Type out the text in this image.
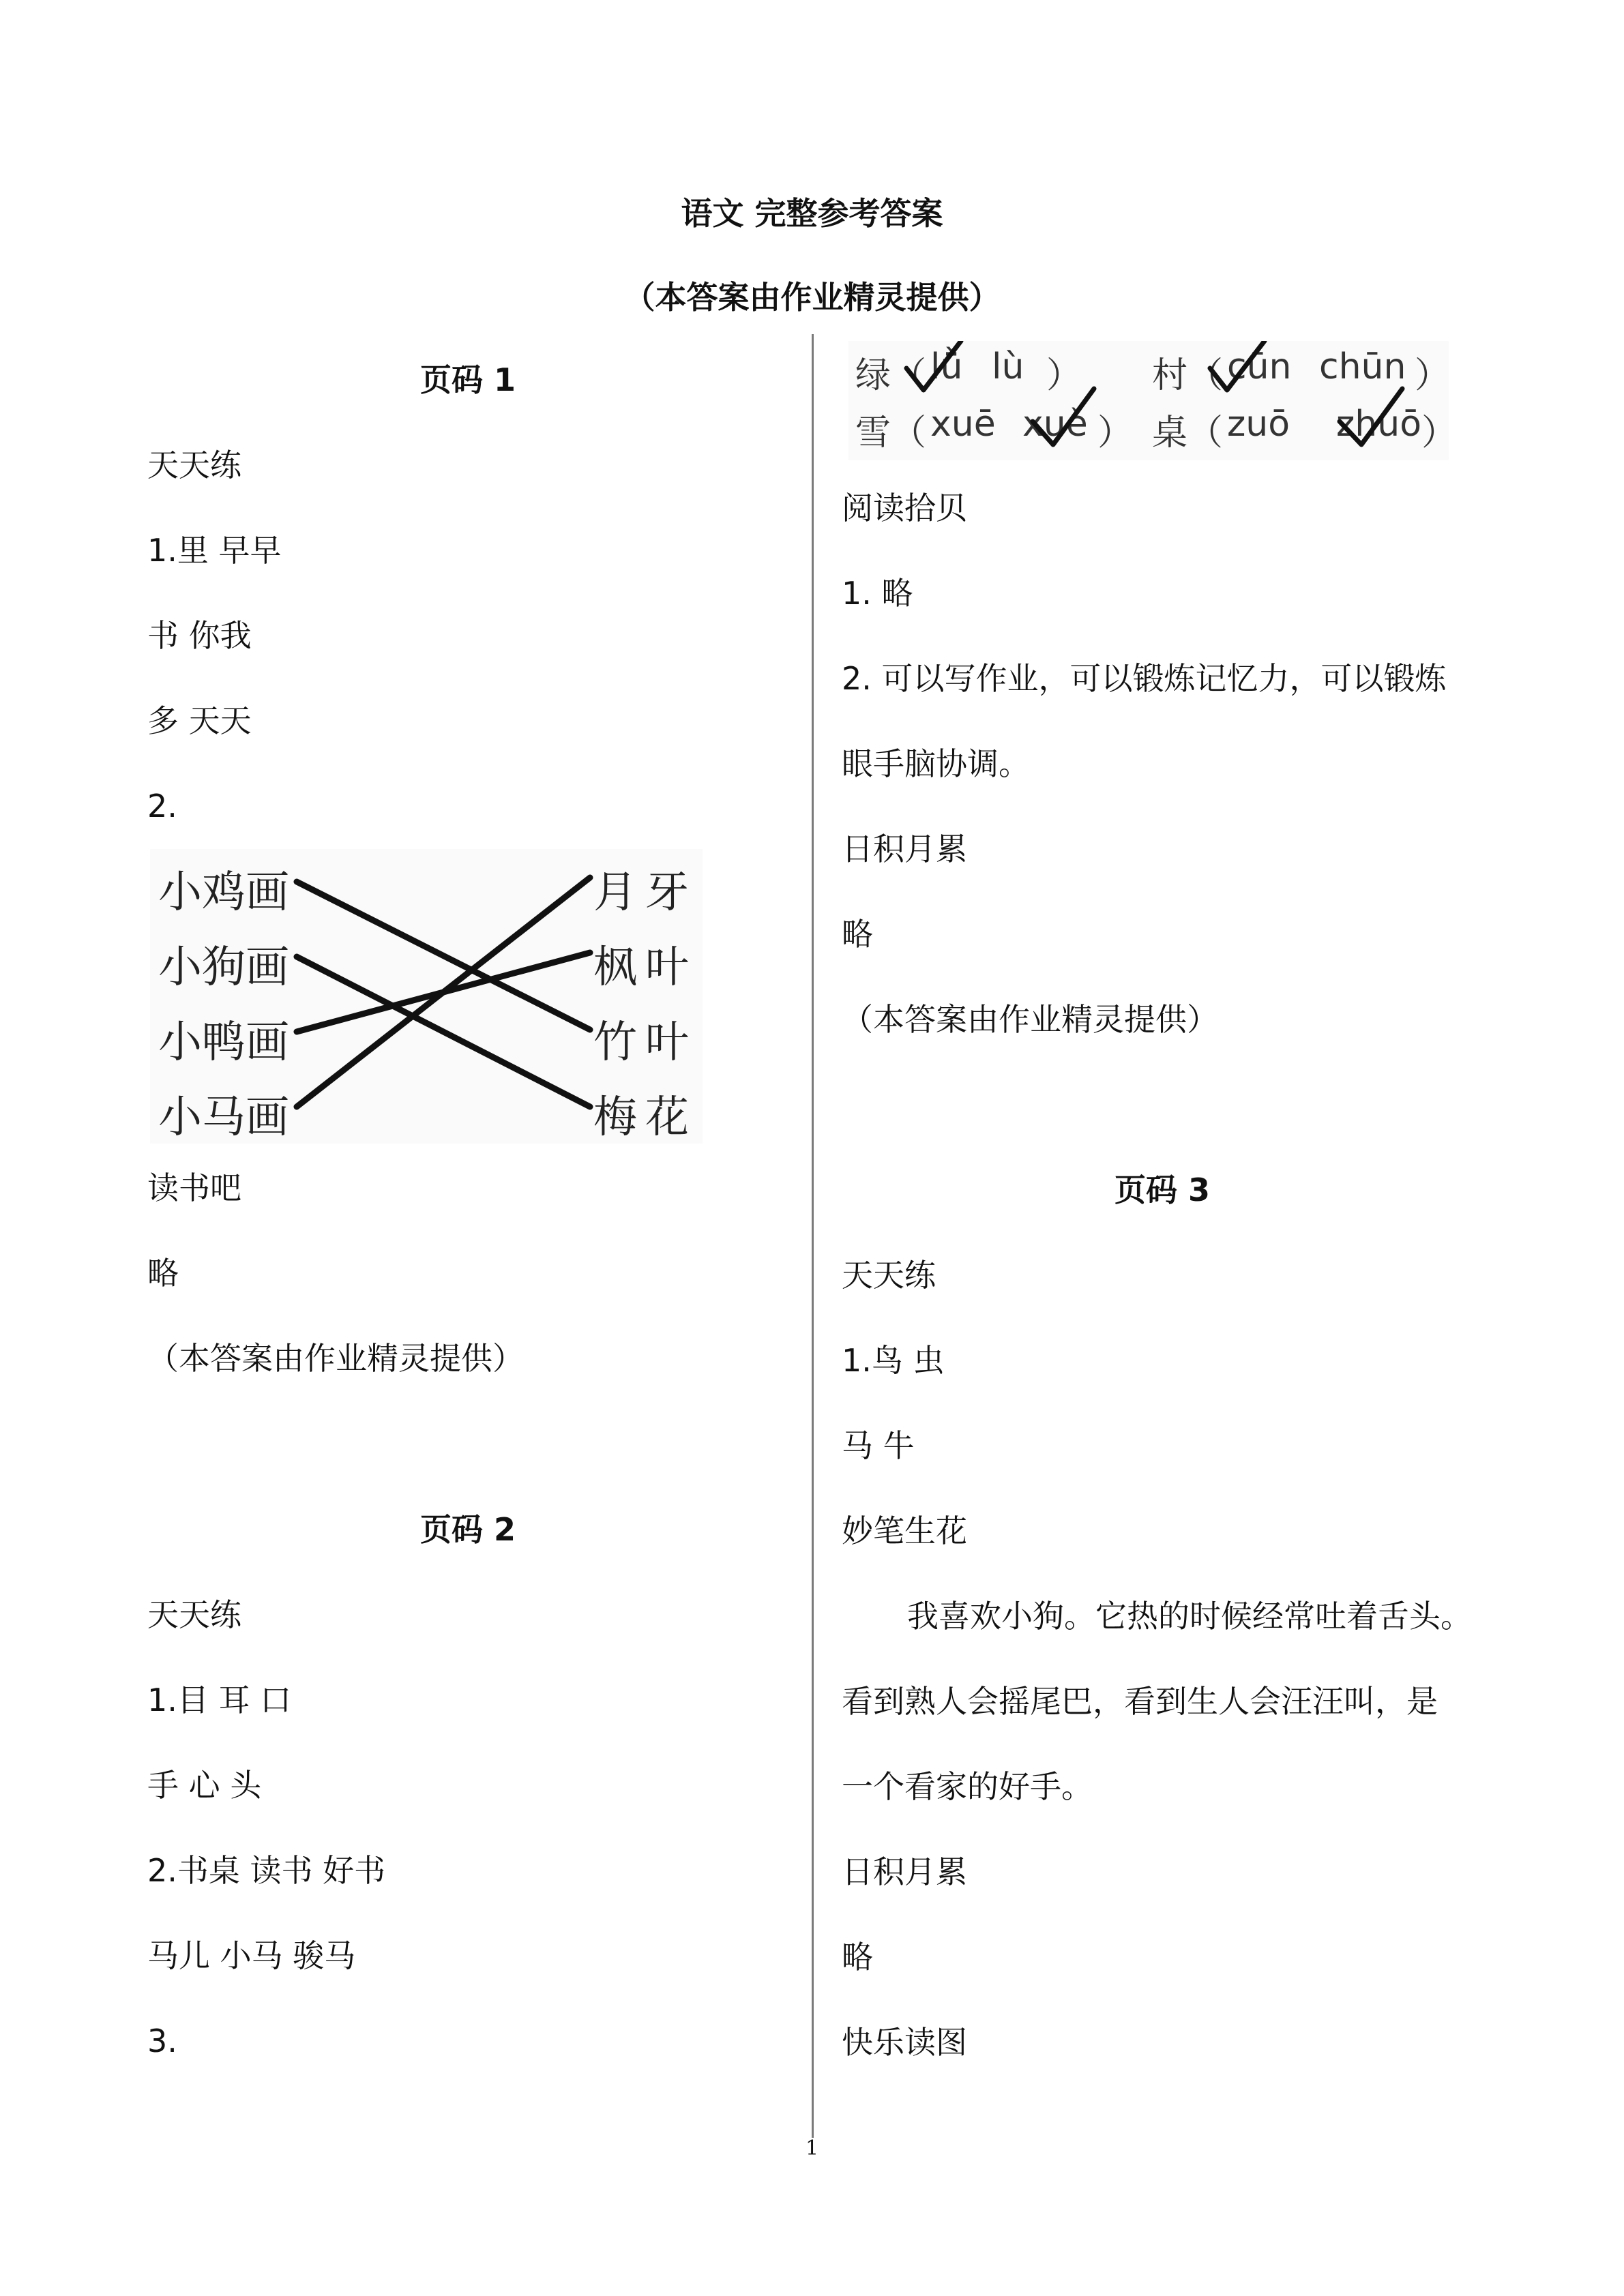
语文 完整参考答案
（本答案由作业精灵提供）
页码 1
天天练
1.里 早早
书 你我
多 天天
2.
小鸡画
小狗画
小鸭画
小马画
月牙
枫叶
竹叶
梅花
读书吧
略
（本答案由作业精灵提供）
页码 2
天天练
1.目 耳 口
手 心 头
2.书桌 读书 好书
马儿 小马 骏马
3.
绿（ lǜ lù ） 村（ cūn chūn ）
雪（ xuē xuě ） 桌（ zuō zhuō ）
阅读拾贝
1. 略
2. 可以写作业，可以锻炼记忆力，可以锻炼
眼手脑协调。
日积月累
略
（本答案由作业精灵提供）
页码 3
天天练
1.鸟 虫
马 牛
妙笔生花
我喜欢小狗。它热的时候经常吐着舌头。
看到熟人会摇尾巴，看到生人会汪汪叫，是
一个看家的好手。
日积月累
略
快乐读图
1
